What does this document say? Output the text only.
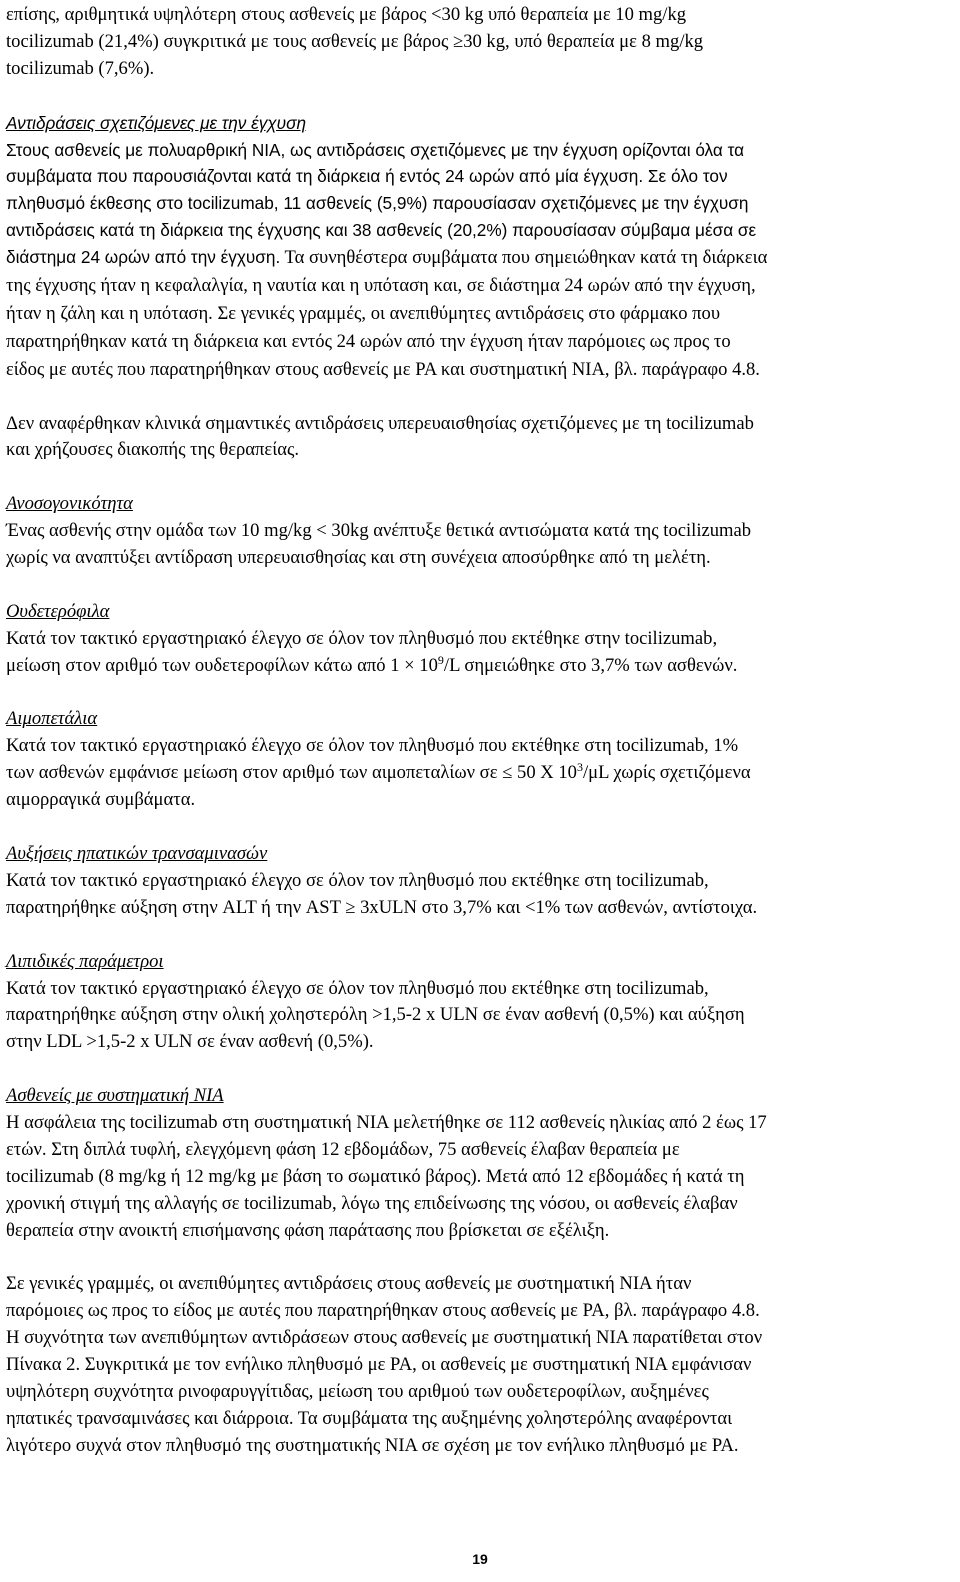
επίσης, αριθμητικά υψηλότερη στους ασθενείς με βάρος <30 kg υπό θεραπεία με 10 mg/kg
tocilizumab (21,4%) συγκριτικά με τους ασθενείς με βάρος ≥30 kg, υπό θεραπεία με 8 mg/kg
tocilizumab (7,6%).

Αντιδράσεις σχετιζόμενες με την έγχυση
Στους ασθενείς με πολυαρθρική NIA, ως αντιδράσεις σχετιζόμενες με την έγχυση ορίζονται όλα τα
συμβάματα που παρουσιάζονται κατά τη διάρκεια ή εντός 24 ωρών από μία έγχυση. Σε όλο τον
πληθυσμό έκθεσης στο tocilizumab, 11 ασθενείς (5,9%) παρουσίασαν σχετιζόμενες με την έγχυση
αντιδράσεις κατά τη διάρκεια της έγχυσης και 38 ασθενείς (20,2%) παρουσίασαν σύμβαμα μέσα σε
διάστημα 24 ωρών από την έγχυση. Τα συνηθέστερα συμβάματα που σημειώθηκαν κατά τη διάρκεια
της έγχυσης ήταν η κεφαλαλγία, η ναυτία και η υπόταση και, σε διάστημα 24 ωρών από την έγχυση,
ήταν η ζάλη και η υπόταση. Σε γενικές γραμμές, οι ανεπιθύμητες αντιδράσεις στο φάρμακο που
παρατηρήθηκαν κατά τη διάρκεια και εντός 24 ωρών από την έγχυση ήταν παρόμοιες ως προς το
είδος με αυτές που παρατηρήθηκαν στους ασθενείς με ΡΑ και συστηματική NIA, βλ. παράγραφο 4.8.

Δεν αναφέρθηκαν κλινικά σημαντικές αντιδράσεις υπερευαισθησίας σχετιζόμενες με τη tocilizumab
και χρήζουσες διακοπής της θεραπείας.

Ανοσογονικότητα
Ένας ασθενής στην ομάδα των 10 mg/kg < 30kg ανέπτυξε θετικά αντισώματα κατά της tocilizumab
χωρίς να αναπτύξει αντίδραση υπερευαισθησίας και στη συνέχεια αποσύρθηκε από τη μελέτη.

Ουδετερόφιλα
Κατά τον τακτικό εργαστηριακό έλεγχο σε όλον τον πληθυσμό που εκτέθηκε στην tocilizumab,
μείωση στον αριθμό των ουδετεροφίλων κάτω από $1 \times 10^9/L$ σημειώθηκε στο 3,7% των ασθενών.

Αιμοπετάλια
Κατά τον τακτικό εργαστηριακό έλεγχο σε όλον τον πληθυσμό που εκτέθηκε στη tocilizumab, 1%
των ασθενών εμφάνισε μείωση στον αριθμό των αιμοπεταλίων σε ≤ 50 X $10^3/\mu L$ χωρίς σχετιζόμενα
αιμορραγικά συμβάματα.

Αυξήσεις ηπατικών τρανσαμινασών
Κατά τον τακτικό εργαστηριακό έλεγχο σε όλον τον πληθυσμό που εκτέθηκε στη tocilizumab,
παρατηρήθηκε αύξηση στην ALT ή την AST ≥ 3xULN στο 3,7% και <1% των ασθενών, αντίστοιχα.

Λιπιδικές παράμετροι
Κατά τον τακτικό εργαστηριακό έλεγχο σε όλον τον πληθυσμό που εκτέθηκε στη tocilizumab,
παρατηρήθηκε αύξηση στην ολική χοληστερόλη >1,5-2 x ULN σε έναν ασθενή (0,5%) και αύξηση
στην LDL >1,5-2 x ULN σε έναν ασθενή (0,5%).

Ασθενείς με συστηματική NIA
Η ασφάλεια της tocilizumab στη συστηματική NIA μελετήθηκε σε 112 ασθενείς ηλικίας από 2 έως 17
ετών. Στη διπλά τυφλή, ελεγχόμενη φάση 12 εβδομάδων, 75 ασθενείς έλαβαν θεραπεία με
tocilizumab (8 mg/kg ή 12 mg/kg με βάση το σωματικό βάρος). Μετά από 12 εβδομάδες ή κατά τη
χρονική στιγμή της αλλαγής σε tocilizumab, λόγω της επιδείνωσης της νόσου, οι ασθενείς έλαβαν
θεραπεία στην ανοικτή επισήμανσης φάση παράτασης που βρίσκεται σε εξέλιξη.

Σε γενικές γραμμές, οι ανεπιθύμητες αντιδράσεις στους ασθενείς με συστηματική NIA ήταν
παρόμοιες ως προς το είδος με αυτές που παρατηρήθηκαν στους ασθενείς με ΡΑ, βλ. παράγραφο 4.8.
Η συχνότητα των ανεπιθύμητων αντιδράσεων στους ασθενείς με συστηματική NIA παρατίθεται στον
Πίνακα 2. Συγκριτικά με τον ενήλικο πληθυσμό με ΡΑ, οι ασθενείς με συστηματική NIA εμφάνισαν
υψηλότερη συχνότητα ρινοφαρυγγίτιδας, μείωση του αριθμού των ουδετεροφίλων, αυξημένες
ηπατικές τρανσαμινάσες και διάρροια. Τα συμβάματα της αυξημένης χοληστερόλης αναφέρονται
λιγότερο συχνά στον πληθυσμό της συστηματικής NIA σε σχέση με τον ενήλικο πληθυσμό με ΡΑ.

19
